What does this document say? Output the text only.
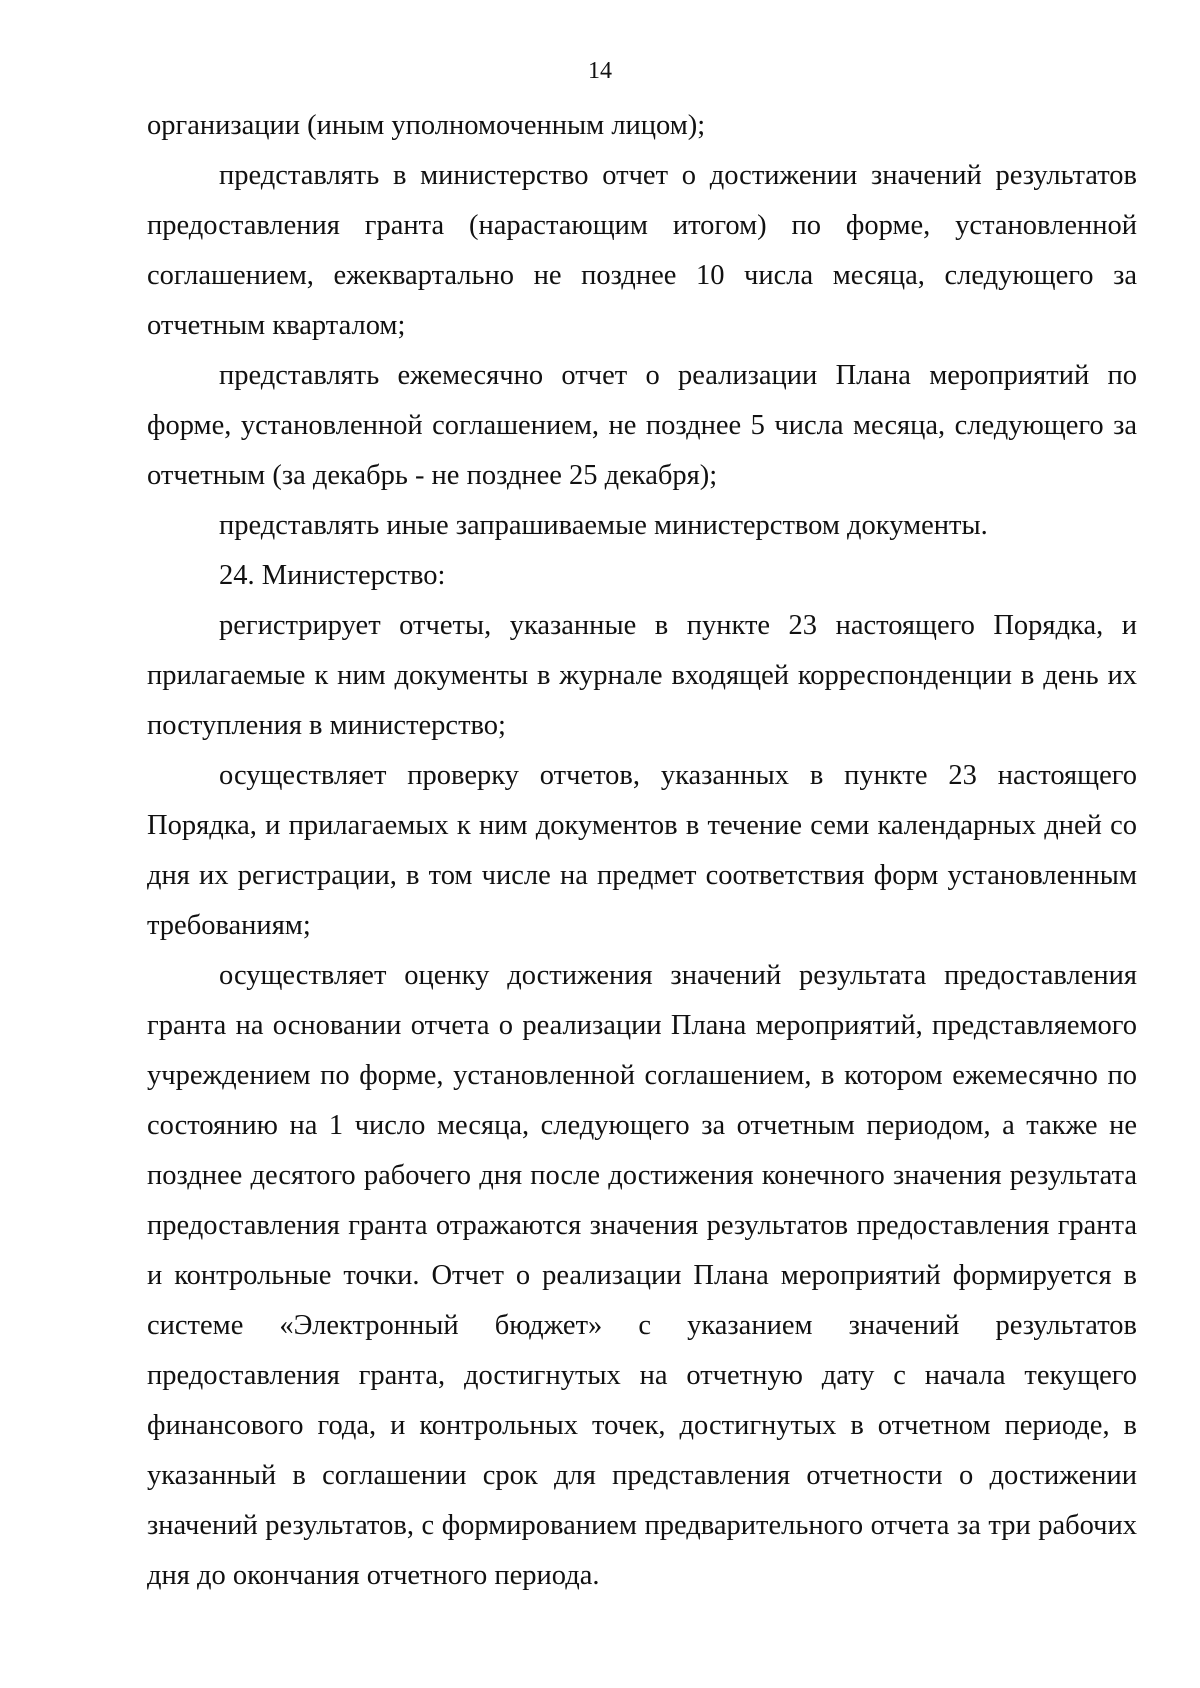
14

организации (иным уполномоченным лицом);

представлять в министерство отчет о достижении значений результатов предоставления гранта (нарастающим итогом) по форме, установленной соглашением, ежеквартально не позднее 10 числа месяца, следующего за отчетным кварталом;

представлять ежемесячно отчет о реализации Плана мероприятий по форме, установленной соглашением, не позднее 5 числа месяца, следующего за отчетным (за декабрь - не позднее 25 декабря);

представлять иные запрашиваемые министерством документы.

24. Министерство:

регистрирует отчеты, указанные в пункте 23 настоящего Порядка, и прилагаемые к ним документы в журнале входящей корреспонденции в день их поступления в министерство;

осуществляет проверку отчетов, указанных в пункте 23 настоящего Порядка, и прилагаемых к ним документов в течение семи календарных дней со дня их регистрации, в том числе на предмет соответствия форм установленным требованиям;

осуществляет оценку достижения значений результата предоставления гранта на основании отчета о реализации Плана мероприятий, представляемого учреждением по форме, установленной соглашением, в котором ежемесячно по состоянию на 1 число месяца, следующего за отчетным периодом, а также не позднее десятого рабочего дня после достижения конечного значения результата предоставления гранта отражаются значения результатов предоставления гранта и контрольные точки. Отчет о реализации Плана мероприятий формируется в системе «Электронный бюджет» с указанием значений результатов предоставления гранта, достигнутых на отчетную дату с начала текущего финансового года, и контрольных точек, достигнутых в отчетном периоде, в указанный в соглашении срок для представления отчетности о достижении значений результатов, с формированием предварительного отчета за три рабочих дня до окончания отчетного периода.
